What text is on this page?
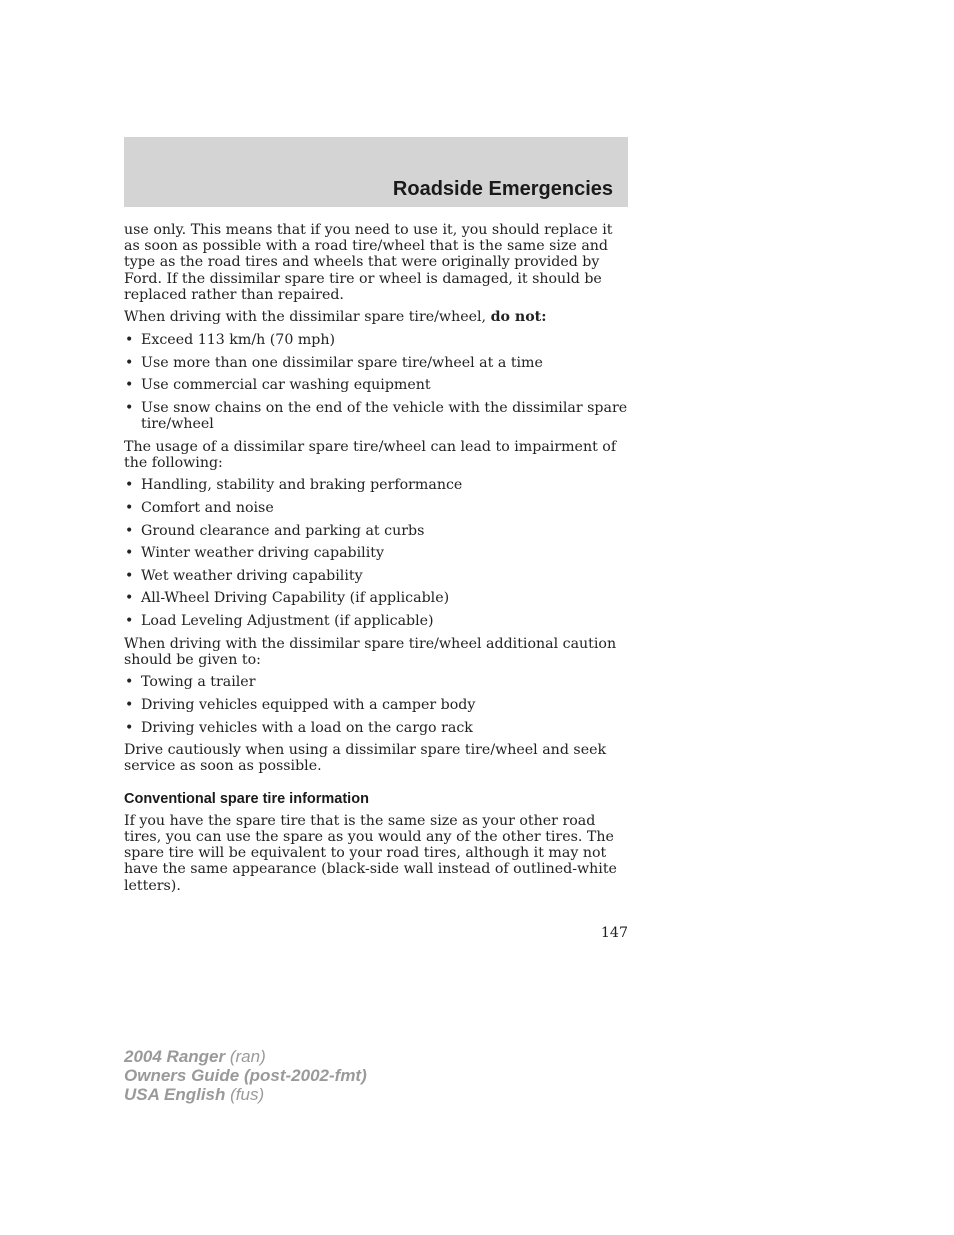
Roadside Emergencies

use only. This means that if you need to use it, you should replace it as soon as possible with a road tire/wheel that is the same size and type as the road tires and wheels that were originally provided by Ford. If the dissimilar spare tire or wheel is damaged, it should be replaced rather than repaired.

When driving with the dissimilar spare tire/wheel, do not:

• Exceed 113 km/h (70 mph)
• Use more than one dissimilar spare tire/wheel at a time
• Use commercial car washing equipment
• Use snow chains on the end of the vehicle with the dissimilar spare tire/wheel

The usage of a dissimilar spare tire/wheel can lead to impairment of the following:

• Handling, stability and braking performance
• Comfort and noise
• Ground clearance and parking at curbs
• Winter weather driving capability
• Wet weather driving capability
• All-Wheel Driving Capability (if applicable)
• Load Leveling Adjustment (if applicable)

When driving with the dissimilar spare tire/wheel additional caution should be given to:

• Towing a trailer
• Driving vehicles equipped with a camper body
• Driving vehicles with a load on the cargo rack

Drive cautiously when using a dissimilar spare tire/wheel and seek service as soon as possible.

Conventional spare tire information

If you have the spare tire that is the same size as your other road tires, you can use the spare as you would any of the other tires. The spare tire will be equivalent to your road tires, although it may not have the same appearance (black-side wall instead of outlined-white letters).

147
2004 Ranger (ran)
Owners Guide (post-2002-fmt)
USA English (fus)
